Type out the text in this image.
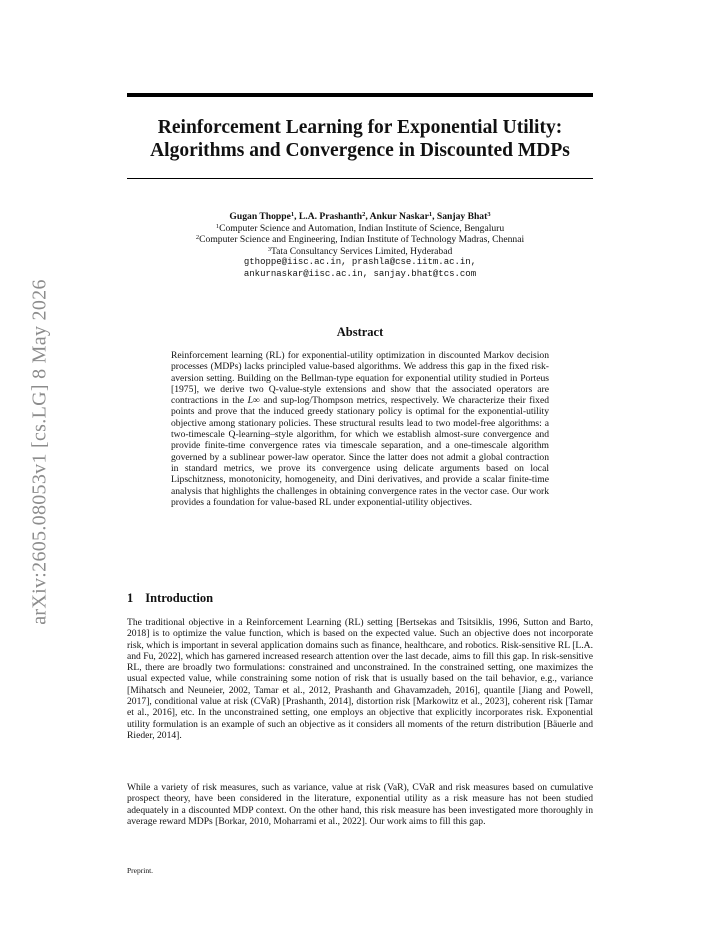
arXiv:2605.08053v1 [cs.LG] 8 May 2026
Reinforcement Learning for Exponential Utility:
Algorithms and Convergence in Discounted MDPs
Gugan Thoppe$^1$, L.A. Prashanth$^2$, Ankur Naskar$^1$, Sanjay Bhat$^3$
$^1$Computer Science and Automation, Indian Institute of Science, Bengaluru
$^2$Computer Science and Engineering, Indian Institute of Technology Madras, Chennai
$^3$Tata Consultancy Services Limited, Hyderabad
gthoppe@iisc.ac.in, prashla@cse.iitm.ac.in,
ankurnaskar@iisc.ac.in, sanjay.bhat@tcs.com
Abstract
Reinforcement learning (RL) for exponential-utility optimization in discounted Markov decision processes (MDPs) lacks principled value-based algorithms. We address this gap in the fixed risk-aversion setting. Building on the Bellman-type equation for exponential utility studied in Porteus [1975], we derive two Q-value-style extensions and show that the associated operators are contractions in the L∞ and sup-log/Thompson metrics, respectively. We characterize their fixed points and prove that the induced greedy stationary policy is optimal for the exponential-utility objective among stationary policies. These structural results lead to two model-free algorithms: a two-timescale Q-learning–style algorithm, for which we establish almost-sure convergence and provide finite-time convergence rates via timescale separation, and a one-timescale algorithm governed by a sublinear power-law operator. Since the latter does not admit a global contraction in standard metrics, we prove its convergence using delicate arguments based on local Lipschitzness, monotonicity, homogeneity, and Dini derivatives, and provide a scalar finite-time analysis that highlights the challenges in obtaining convergence rates in the vector case. Our work provides a foundation for value-based RL under exponential-utility objectives.
1 Introduction
The traditional objective in a Reinforcement Learning (RL) setting [Bertsekas and Tsitsiklis, 1996, Sutton and Barto, 2018] is to optimize the value function, which is based on the expected value. Such an objective does not incorporate risk, which is important in several application domains such as finance, healthcare, and robotics. Risk-sensitive RL [L.A. and Fu, 2022], which has garnered increased research attention over the last decade, aims to fill this gap. In risk-sensitive RL, there are broadly two formulations: constrained and unconstrained. In the constrained setting, one maximizes the usual expected value, while constraining some notion of risk that is usually based on the tail behavior, e.g., variance [Mihatsch and Neuneier, 2002, Tamar et al., 2012, Prashanth and Ghavamzadeh, 2016], quantile [Jiang and Powell, 2017], conditional value at risk (CVaR) [Prashanth, 2014], distortion risk [Markowitz et al., 2023], coherent risk [Tamar et al., 2016], etc. In the unconstrained setting, one employs an objective that explicitly incorporates risk. Exponential utility formulation is an example of such an objective as it considers all moments of the return distribution [Bäuerle and Rieder, 2014].
While a variety of risk measures, such as variance, value at risk (VaR), CVaR and risk measures based on cumulative prospect theory, have been considered in the literature, exponential utility as a risk measure has not been studied adequately in a discounted MDP context. On the other hand, this risk measure has been investigated more thoroughly in average reward MDPs [Borkar, 2010, Moharrami et al., 2022]. Our work aims to fill this gap.
Preprint.
